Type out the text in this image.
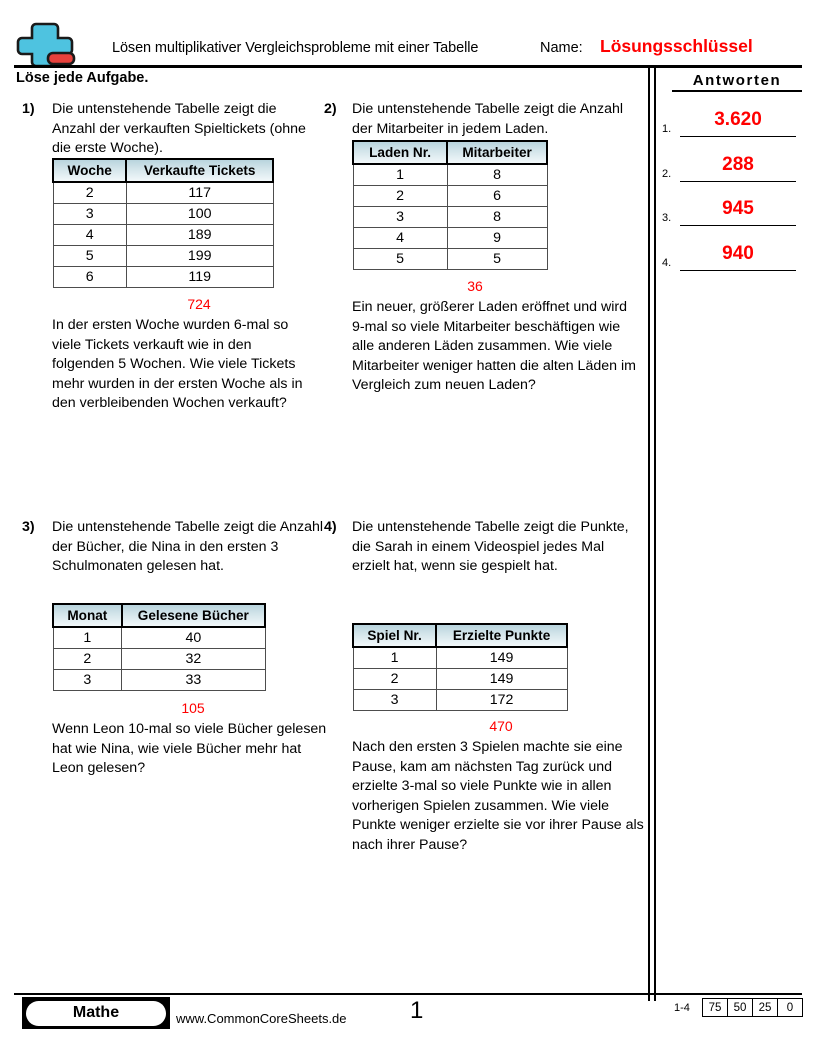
Lösen multiplikativer Vergleichsprobleme mit einer Tabelle	Name: Lösungsschlüssel
Löse jede Aufgabe.	Antworten
1.	3.620
2.	288
3.	945
4.	940
1) Die untenstehende Tabelle zeigt die Anzahl der verkauften Spieltickets (ohne die erste Woche).
Woche	Verkaufte Tickets
2	117
3	100
4	189
5	199
6	119
724
In der ersten Woche wurden 6-mal so viele Tickets verkauft wie in den folgenden 5 Wochen. Wie viele Tickets mehr wurden in der ersten Woche als in den verbleibenden Wochen verkauft?
2) Die untenstehende Tabelle zeigt die Anzahl der Mitarbeiter in jedem Laden.
Laden Nr.	Mitarbeiter
1	8
2	6
3	8
4	9
5	5
36
Ein neuer, größerer Laden eröffnet und wird 9-mal so viele Mitarbeiter beschäftigen wie alle anderen Läden zusammen. Wie viele Mitarbeiter weniger hatten die alten Läden im Vergleich zum neuen Laden?
3) Die untenstehende Tabelle zeigt die Anzahl der Bücher, die Nina in den ersten 3 Schulmonaten gelesen hat.
Monat	Gelesene Bücher
1	40
2	32
3	33
105
Wenn Leon 10-mal so viele Bücher gelesen hat wie Nina, wie viele Bücher mehr hat Leon gelesen?
4) Die untenstehende Tabelle zeigt die Punkte, die Sarah in einem Videospiel jedes Mal erzielt hat, wenn sie gespielt hat.
Spiel Nr.	Erzielte Punkte
1	149
2	149
3	172
470
Nach den ersten 3 Spielen machte sie eine Pause, kam am nächsten Tag zurück und erzielte 3-mal so viele Punkte wie in allen vorherigen Spielen zusammen. Wie viele Punkte weniger erzielte sie vor ihrer Pause als nach ihrer Pause?
Mathe	www.CommonCoreSheets.de	1	1-4	75	50	25	0
